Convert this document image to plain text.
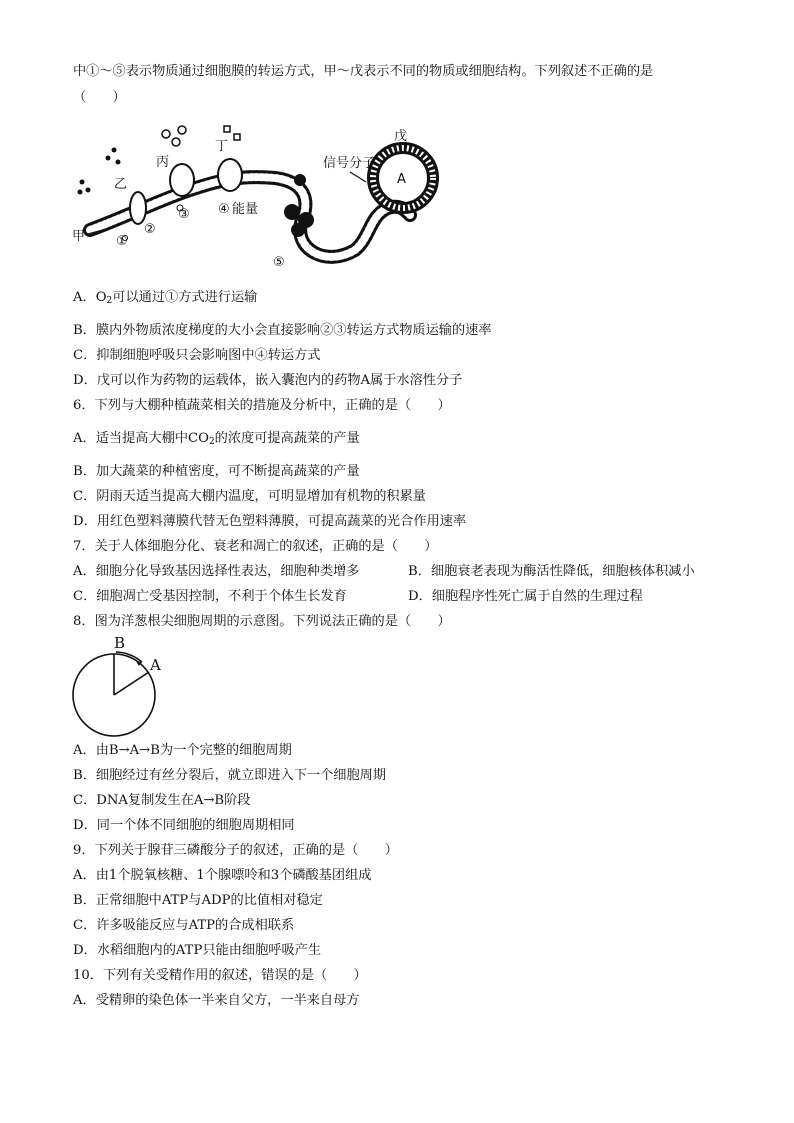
中①～⑤表示物质通过细胞膜的转运方式，甲～戊表示不同的物质或细胞结构。下列叙述不正确的是
（　　）
A
戊
信号分子
甲
乙
丙
丁
①
②
③ ④ 能量
⑤
A．$O_2$可以通过①方式进行运输
B．膜内外物质浓度梯度的大小会直接影响②③转运方式物质运输的速率
C．抑制细胞呼吸只会影响图中④转运方式
D．戊可以作为药物的运载体，嵌入囊泡内的药物A属于水溶性分子
6．下列与大棚种植蔬菜相关的措施及分析中，正确的是（　　）
A．适当提高大棚中$CO_2$的浓度可提高蔬菜的产量
B．加大蔬菜的种植密度，可不断提高蔬菜的产量
C．阴雨天适当提高大棚内温度，可明显增加有机物的积累量
D．用红色塑料薄膜代替无色塑料薄膜，可提高蔬菜的光合作用速率
7．关于人体细胞分化、衰老和凋亡的叙述，正确的是（　　）
A．细胞分化导致基因选择性表达，细胞种类增多	B．细胞衰老表现为酶活性降低，细胞核体积减小
C．细胞凋亡受基因控制，不利于个体生长发育	D．细胞程序性死亡属于自然的生理过程
8．图为洋葱根尖细胞周期的示意图。下列说法正确的是（　　）
B
A
A．由B→A→B为一个完整的细胞周期
B．细胞经过有丝分裂后，就立即进入下一个细胞周期
C．DNA复制发生在A→B阶段
D．同一个体不同细胞的细胞周期相同
9．下列关于腺苷三磷酸分子的叙述，正确的是（　　）
A．由1个脱氧核糖、1个腺嘌呤和3个磷酸基团组成
B．正常细胞中ATP与ADP的比值相对稳定
C．许多吸能反应与ATP的合成相联系
D．水稻细胞内的ATP只能由细胞呼吸产生
10．下列有关受精作用的叙述，错误的是（　　）
A．受精卵的染色体一半来自父方，一半来自母方
